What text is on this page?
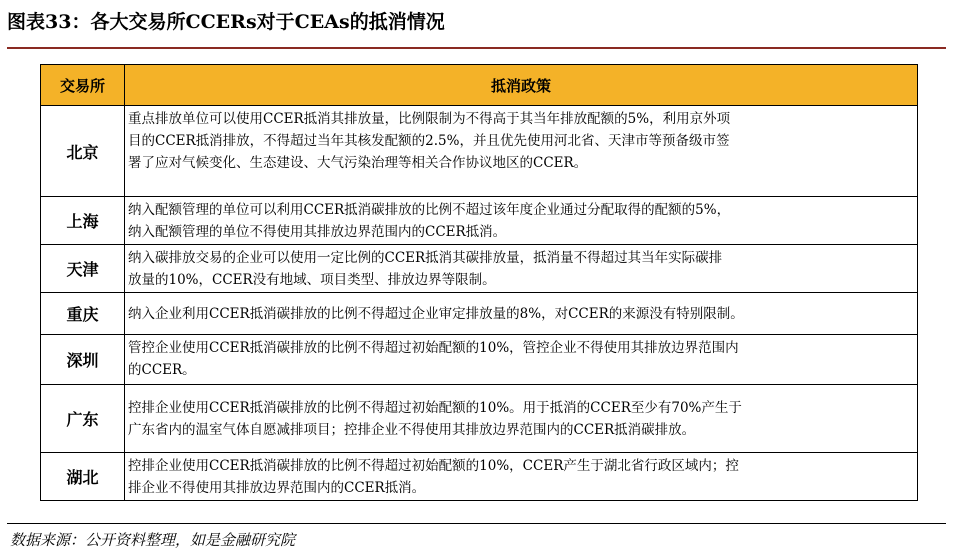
图表33：各大交易所CCERs对于CEAs的抵消情况
交易所	抵消政策
北京	重点排放单位可以使用CCER抵消其排放量，比例限制为不得高于其当年排放配额的5%，利用京外项
目的CCER抵消排放，不得超过当年其核发配额的2.5%，并且优先使用河北省、天津市等预备级市签
署了应对气候变化、生态建设、大气污染治理等相关合作协议地区的CCER。

上海	纳入配额管理的单位可以利用CCER抵消碳排放的比例不超过该年度企业通过分配取得的配额的5%，
纳入配额管理的单位不得使用其排放边界范围内的CCER抵消。

天津	纳入碳排放交易的企业可以使用一定比例的CCER抵消其碳排放量，抵消量不得超过其当年实际碳排
放量的10%，CCER没有地域、项目类型、排放边界等限制。

重庆	纳入企业利用CCER抵消碳排放的比例不得超过企业审定排放量的8%，对CCER的来源没有特别限制。

深圳	管控企业使用CCER抵消碳排放的比例不得超过初始配额的10%，管控企业不得使用其排放边界范围内
的CCER。

广东	控排企业使用CCER抵消碳排放的比例不得超过初始配额的10%。用于抵消的CCER至少有70%产生于
广东省内的温室气体自愿减排项目；控排企业不得使用其排放边界范围内的CCER抵消碳排放。

湖北	控排企业使用CCER抵消碳排放的比例不得超过初始配额的10%，CCER产生于湖北省行政区域内；控
排企业不得使用其排放边界范围内的CCER抵消。
数据来源：公开资料整理，如是金融研究院
